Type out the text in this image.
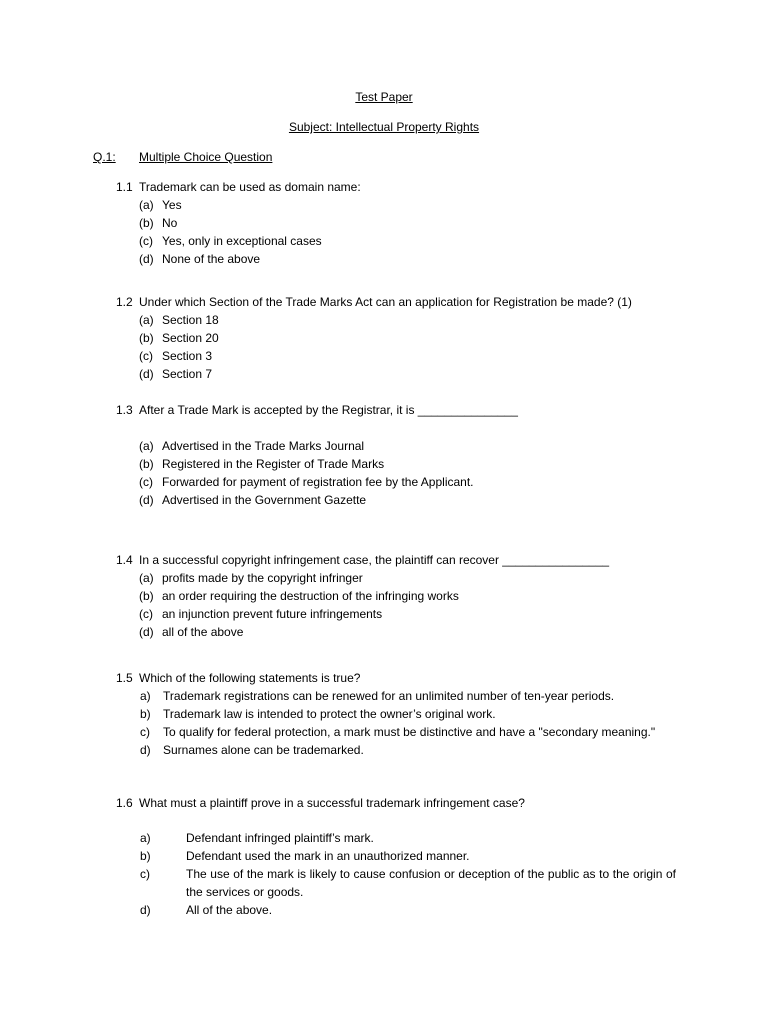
Test Paper
Subject: Intellectual Property Rights
Q.1: Multiple Choice Question
1.1 Trademark can be used as domain name:
(a) Yes
(b) No
(c) Yes, only in exceptional cases
(d) None of the above
1.2 Under which Section of the Trade Marks Act can an application for Registration be made? (1)
(a) Section 18
(b) Section 20
(c) Section 3
(d) Section 7
1.3 After a Trade Mark is accepted by the Registrar, it is _______________
(a) Advertised in the Trade Marks Journal
(b) Registered in the Register of Trade Marks
(c) Forwarded for payment of registration fee by the Applicant.
(d) Advertised in the Government Gazette
1.4 In a successful copyright infringement case, the plaintiff can recover ________________
(a) profits made by the copyright infringer
(b) an order requiring the destruction of the infringing works
(c) an injunction prevent future infringements
(d) all of the above
1.5 Which of the following statements is true?
a)	Trademark registrations can be renewed for an unlimited number of ten-year periods.
b)	Trademark law is intended to protect the owner’s original work.
c)	To qualify for federal protection, a mark must be distinctive and have a "secondary meaning."
d)	Surnames alone can be trademarked.
1.6 What must a plaintiff prove in a successful trademark infringement case?
a)	Defendant infringed plaintiff’s mark.
b)	Defendant used the mark in an unauthorized manner.
c)	The use of the mark is likely to cause confusion or deception of the public as to the origin of the services or goods.
d)	All of the above.
